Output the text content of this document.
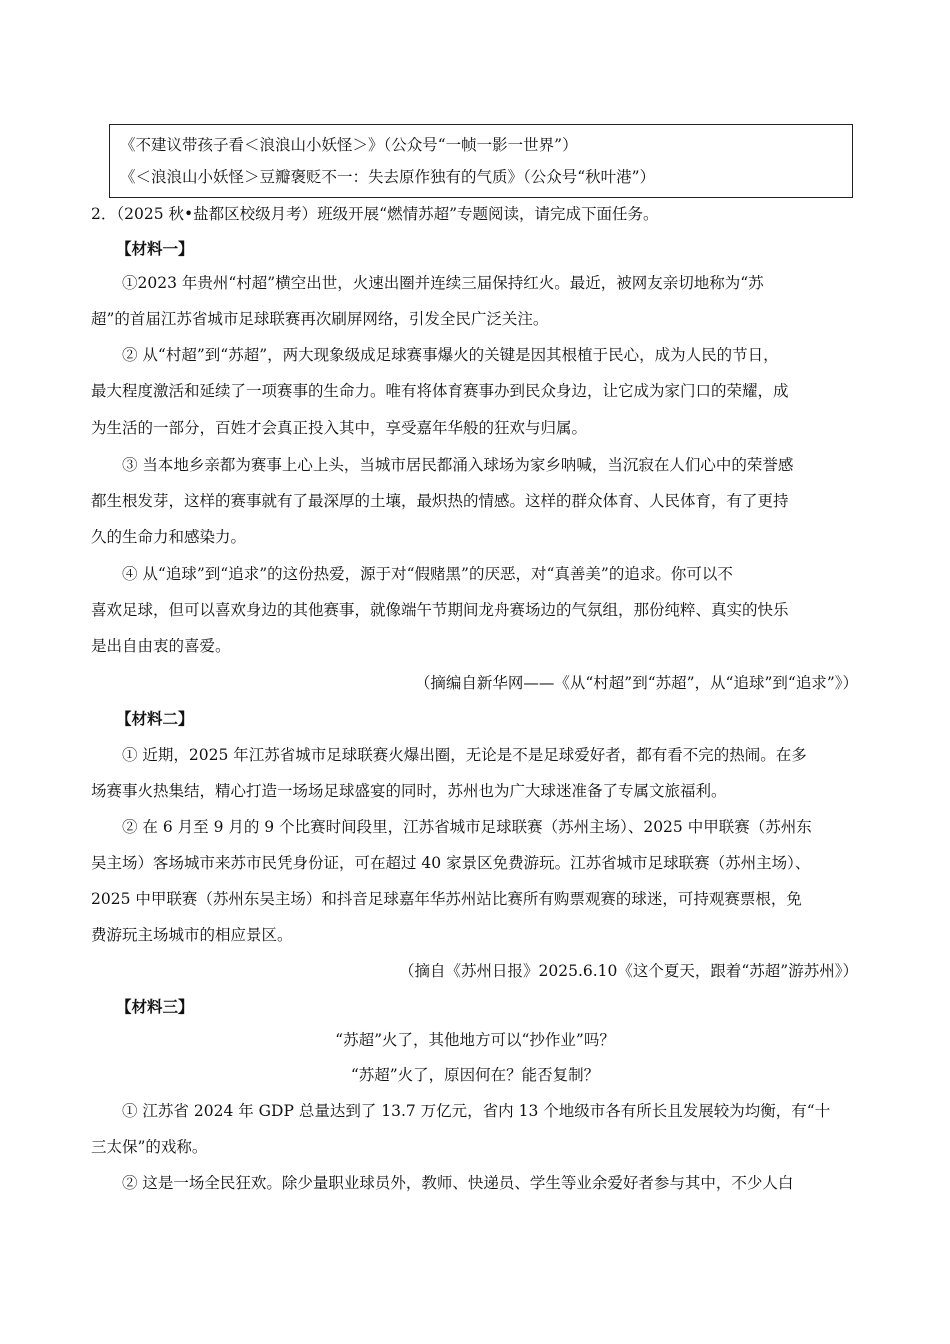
《不建议带孩子看＜浪浪山小妖怪＞》（公众号“一帧一影一世界”）
《＜浪浪山小妖怪＞豆瓣褒贬不一：失去原作独有的气质》（公众号“秋叶港”）
2．（2025 秋•盐都区校级月考）班级开展“燃情苏超”专题阅读，请完成下面任务。
【材料一】
①2023 年贵州“村超”横空出世，火速出圈并连续三届保持红火。最近，被网友亲切地称为“苏
超”的首届江苏省城市足球联赛再次刷屏网络，引发全民广泛关注。
② 从“村超”到“苏超”，两大现象级成足球赛事爆火的关键是因其根植于民心，成为人民的节日，
最大程度激活和延续了一项赛事的生命力。唯有将体育赛事办到民众身边，让它成为家门口的荣耀，成
为生活的一部分，百姓才会真正投入其中，享受嘉年华般的狂欢与归属。
③ 当本地乡亲都为赛事上心上头，当城市居民都涌入球场为家乡呐喊，当沉寂在人们心中的荣誉感
都生根发芽，这样的赛事就有了最深厚的土壤，最炽热的情感。这样的群众体育、人民体育，有了更持
久的生命力和感染力。
④ 从“追球”到“追求”的这份热爱，源于对“假赌黑”的厌恶，对“真善美”的追求。你可以不
喜欢足球，但可以喜欢身边的其他赛事，就像端午节期间龙舟赛场边的气氛组，那份纯粹、真实的快乐
是出自由衷的喜爱。
（摘编自新华网——《从“村超”到“苏超”，从“追球”到“追求”》）
【材料二】
① 近期，2025 年江苏省城市足球联赛火爆出圈，无论是不是足球爱好者，都有看不完的热闹。在多
场赛事火热集结，精心打造一场场足球盛宴的同时，苏州也为广大球迷准备了专属文旅福利。
② 在 6 月至 9 月的 9 个比赛时间段里，江苏省城市足球联赛（苏州主场）、2025 中甲联赛（苏州东
吴主场）客场城市来苏市民凭身份证，可在超过 40 家景区免费游玩。江苏省城市足球联赛（苏州主场）、
2025 中甲联赛（苏州东吴主场）和抖音足球嘉年华苏州站比赛所有购票观赛的球迷，可持观赛票根，免
费游玩主场城市的相应景区。
（摘自《苏州日报》2025.6.10《这个夏天，跟着“苏超”游苏州》）
【材料三】
“苏超”火了，其他地方可以“抄作业”吗？
“苏超”火了，原因何在？能否复制？
① 江苏省 2024 年 GDP 总量达到了 13.7 万亿元，省内 13 个地级市各有所长且发展较为均衡，有“十
三太保”的戏称。
② 这是一场全民狂欢。除少量职业球员外，教师、快递员、学生等业余爱好者参与其中，不少人白
